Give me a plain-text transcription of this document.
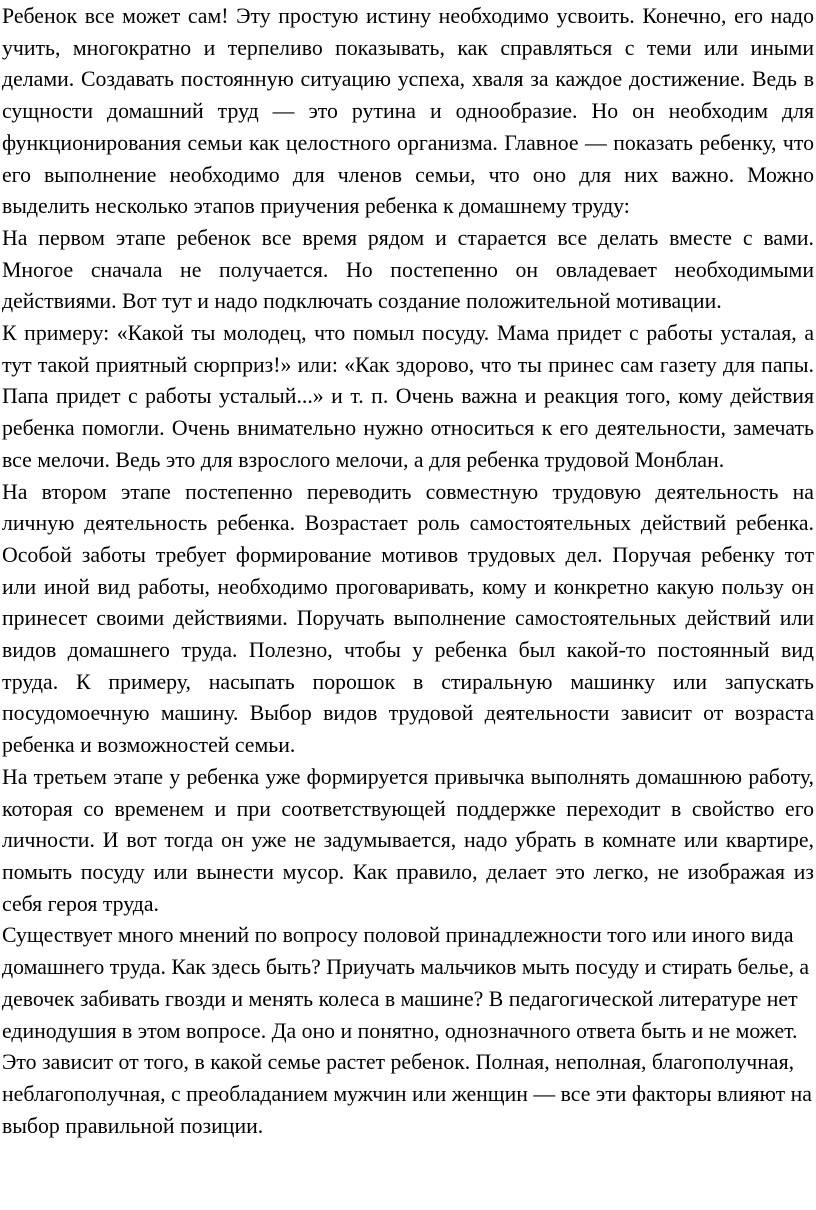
Ребенок все может сам! Эту простую истину необходимо усвоить. Конечно, его надо учить, многократно и терпеливо показывать, как справляться с теми или иными делами. Создавать постоянную ситуацию успеха, хваля за каждое достижение. Ведь в сущности домашний труд — это рутина и однообразие. Но он необходим для функционирования семьи как целостного организма. Главное — показать ребенку, что его выполнение необходимо для членов семьи, что оно для них важно. Можно выделить несколько этапов приучения ребенка к домашнему труду:

На первом этапе ребенок все время рядом и старается все делать вместе с вами. Многое сначала не получается. Но постепенно он овладевает необходимыми действиями. Вот тут и надо подключать создание положительной мотивации.

К примеру: «Какой ты молодец, что помыл посуду. Мама придет с работы усталая, а тут такой приятный сюрприз!» или: «Как здорово, что ты принес сам газету для папы. Папа придет с работы усталый...» и т. п. Очень важна и реакция того, кому действия ребенка помогли. Очень внимательно нужно относиться к его деятельности, замечать все мелочи. Ведь это для взрослого мелочи, а для ребенка трудовой Монблан.

На втором этапе постепенно переводить совместную трудовую деятельность на личную деятельность ребенка. Возрастает роль самостоятельных действий ребенка. Особой заботы требует формирование мотивов трудовых дел. Поручая ребенку тот или иной вид работы, необходимо проговаривать, кому и конкретно какую пользу он принесет своими действиями. Поручать выполнение самостоятельных действий или видов домашнего труда. Полезно, чтобы у ребенка был какой-то постоянный вид труда. К примеру, насыпать порошок в стиральную машинку или запускать посудомоечную машину. Выбор видов трудовой деятельности зависит от возраста ребенка и возможностей семьи.

На третьем этапе у ребенка уже формируется привычка выполнять домашнюю работу, которая со временем и при соответствующей поддержке переходит в свойство его личности. И вот тогда он уже не задумывается, надо убрать в комнате или квартире, помыть посуду или вынести мусор. Как правило, делает это легко, не изображая из себя героя труда.

Существует много мнений по вопросу половой принадлежности того или иного вида домашнего труда. Как здесь быть? Приучать мальчиков мыть посуду и стирать белье, а девочек забивать гвозди и менять колеса в машине? В педагогической литературе нет единодушия в этом вопросе. Да оно и понятно, однозначного ответа быть и не может. Это зависит от того, в какой семье растет ребенок. Полная, неполная, благополучная, неблагополучная, с преобладанием мужчин или женщин — все эти факторы влияют на выбор правильной позиции.
